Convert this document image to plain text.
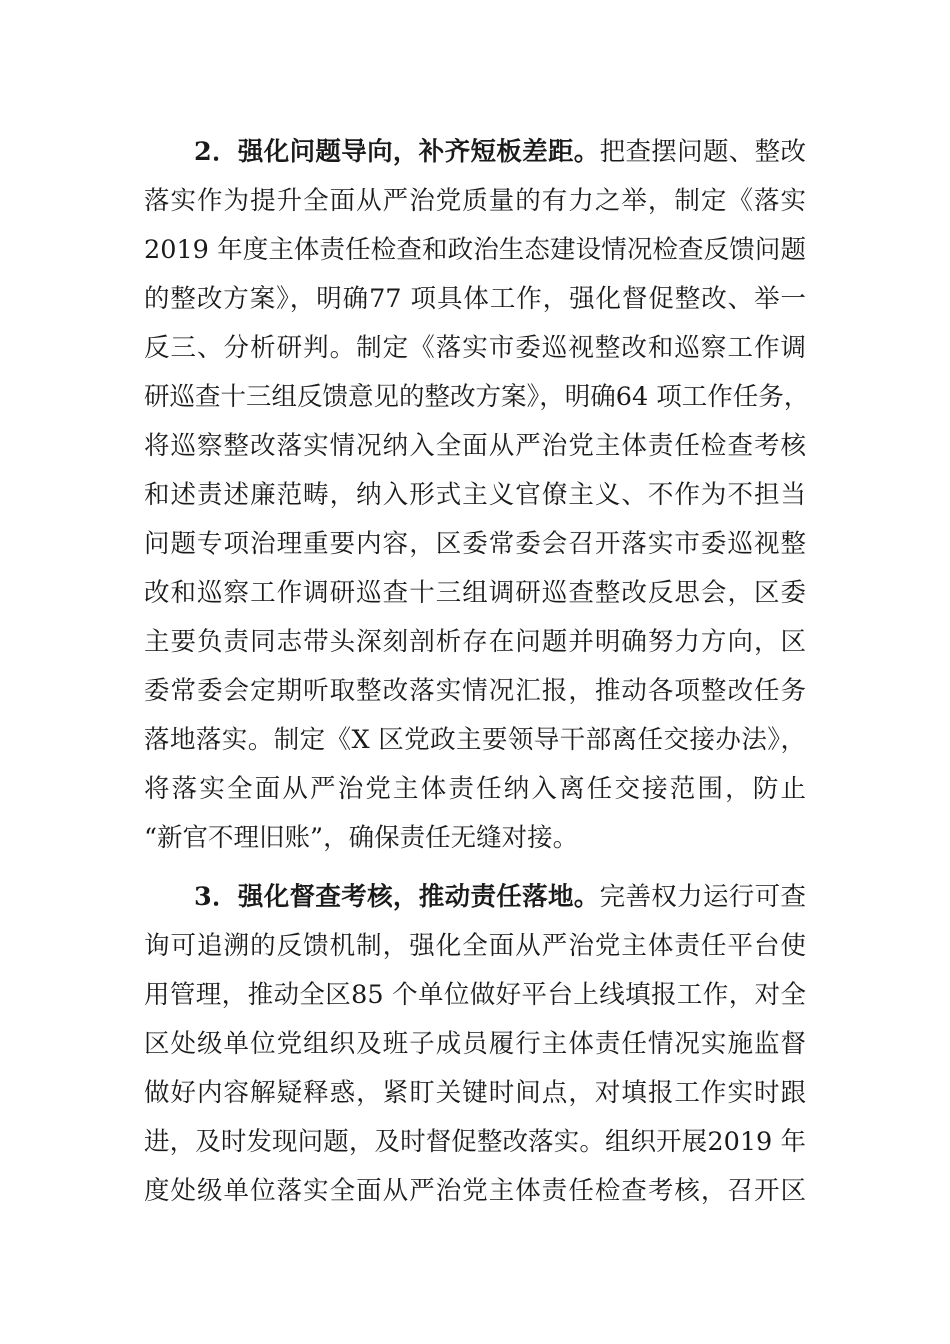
2．强化问题导向，补齐短板差距。把查摆问题、整改
落实作为提升全面从严治党质量的有力之举，制定《落实
2019 年度主体责任检查和政治生态建设情况检查反馈问题
的整改方案》，明确77 项具体工作，强化督促整改、举一
反三、分析研判。制定《落实市委巡视整改和巡察工作调
研巡查十三组反馈意见的整改方案》，明确64 项工作任务，
将巡察整改落实情况纳入全面从严治党主体责任检查考核
和述责述廉范畴，纳入形式主义官僚主义、不作为不担当
问题专项治理重要内容，区委常委会召开落实市委巡视整
改和巡察工作调研巡查十三组调研巡查整改反思会，区委
主要负责同志带头深刻剖析存在问题并明确努力方向，区
委常委会定期听取整改落实情况汇报，推动各项整改任务
落地落实。制定《X 区党政主要领导干部离任交接办法》，
将落实全面从严治党主体责任纳入离任交接范围，防止
“新官不理旧账”，确保责任无缝对接。
3．强化督查考核，推动责任落地。完善权力运行可查
询可追溯的反馈机制，强化全面从严治党主体责任平台使
用管理，推动全区85 个单位做好平台上线填报工作，对全
区处级单位党组织及班子成员履行主体责任情况实施监督
做好内容解疑释惑，紧盯关键时间点，对填报工作实时跟
进，及时发现问题，及时督促整改落实。组织开展2019 年
度处级单位落实全面从严治党主体责任检查考核，召开区
